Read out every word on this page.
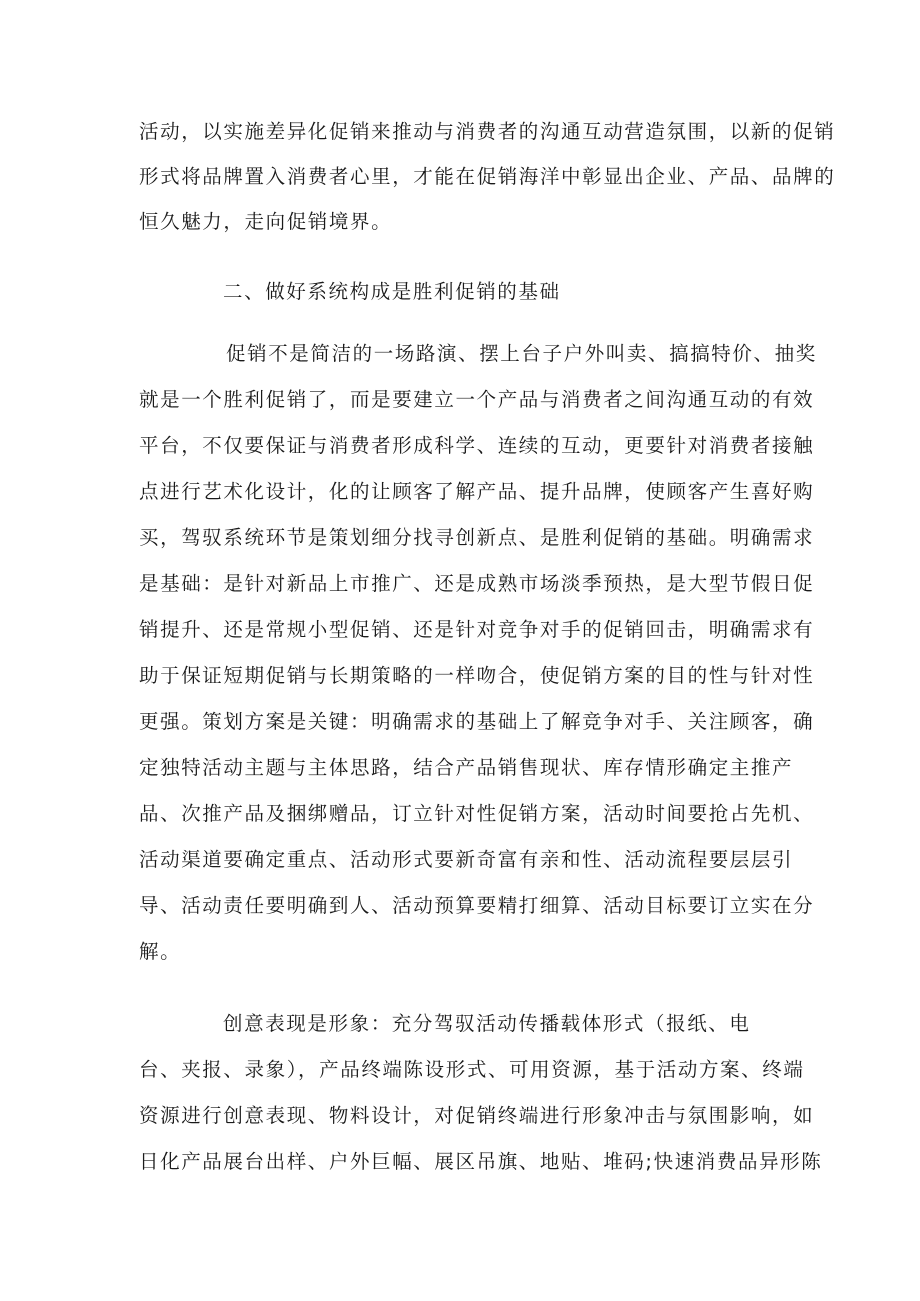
活动，以实施差异化促销来推动与消费者的沟通互动营造氛围，以新的促销
形式将品牌置入消费者心里，才能在促销海洋中彰显出企业、产品、品牌的
恒久魅力，走向促销境界。
二、做好系统构成是胜利促销的基础
促销不是简洁的一场路演、摆上台子户外叫卖、搞搞特价、抽奖
就是一个胜利促销了，而是要建立一个产品与消费者之间沟通互动的有效
平台，不仅要保证与消费者形成科学、连续的互动，更要针对消费者接触
点进行艺术化设计，化的让顾客了解产品、提升品牌，使顾客产生喜好购
买，驾驭系统环节是策划细分找寻创新点、是胜利促销的基础。明确需求
是基础：是针对新品上市推广、还是成熟市场淡季预热，是大型节假日促
销提升、还是常规小型促销、还是针对竞争对手的促销回击，明确需求有
助于保证短期促销与长期策略的一样吻合，使促销方案的目的性与针对性
更强。策划方案是关键：明确需求的基础上了解竞争对手、关注顾客，确
定独特活动主题与主体思路，结合产品销售现状、库存情形确定主推产
品、次推产品及捆绑赠品，订立针对性促销方案，活动时间要抢占先机、
活动渠道要确定重点、活动形式要新奇富有亲和性、活动流程要层层引
导、活动责任要明确到人、活动预算要精打细算、活动目标要订立实在分
解。
创意表现是形象：充分驾驭活动传播载体形式（报纸、电
台、夹报、录象），产品终端陈设形式、可用资源，基于活动方案、终端
资源进行创意表现、物料设计，对促销终端进行形象冲击与氛围影响，如
日化产品展台出样、户外巨幅、展区吊旗、地贴、堆码;快速消费品异形陈
